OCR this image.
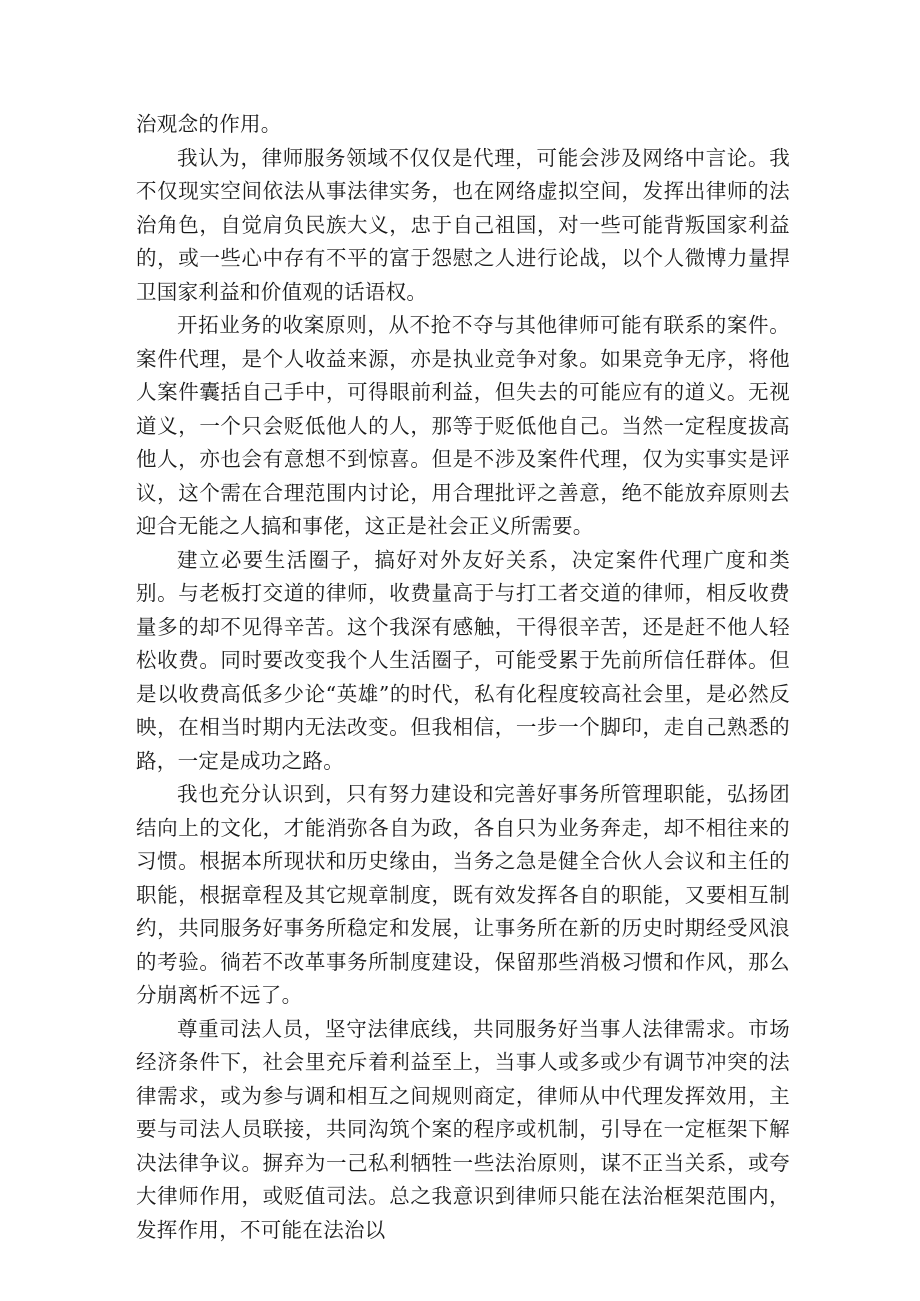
治观念的作用。

我认为，律师服务领域不仅仅是代理，可能会涉及网络中言论。我不仅现实空间依法从事法律实务，也在网络虚拟空间，发挥出律师的法治角色，自觉肩负民族大义，忠于自己祖国，对一些可能背叛国家利益的，或一些心中存有不平的富于怨慰之人进行论战，以个人微博力量捍卫国家利益和价值观的话语权。

开拓业务的收案原则，从不抢不夺与其他律师可能有联系的案件。案件代理，是个人收益来源，亦是执业竞争对象。如果竞争无序，将他人案件囊括自己手中，可得眼前利益，但失去的可能应有的道义。无视道义，一个只会贬低他人的人，那等于贬低他自己。当然一定程度拔高他人，亦也会有意想不到惊喜。但是不涉及案件代理，仅为实事实是评议，这个需在合理范围内讨论，用合理批评之善意，绝不能放弃原则去迎合无能之人搞和事佬，这正是社会正义所需要。

建立必要生活圈子，搞好对外友好关系，决定案件代理广度和类别。与老板打交道的律师，收费量高于与打工者交道的律师，相反收费量多的却不见得辛苦。这个我深有感触，干得很辛苦，还是赶不他人轻松收费。同时要改变我个人生活圈子，可能受累于先前所信任群体。但是以收费高低多少论“英雄”的时代，私有化程度较高社会里，是必然反映，在相当时期内无法改变。但我相信，一步一个脚印，走自己熟悉的路，一定是成功之路。

我也充分认识到，只有努力建设和完善好事务所管理职能，弘扬团结向上的文化，才能消弥各自为政，各自只为业务奔走，却不相往来的习惯。根据本所现状和历史缘由，当务之急是健全合伙人会议和主任的职能，根据章程及其它规章制度，既有效发挥各自的职能，又要相互制约，共同服务好事务所稳定和发展，让事务所在新的历史时期经受风浪的考验。徜若不改革事务所制度建设，保留那些消极习惯和作风，那么分崩离析不远了。

尊重司法人员，坚守法律底线，共同服务好当事人法律需求。市场经济条件下，社会里充斥着利益至上，当事人或多或少有调节冲突的法律需求，或为参与调和相互之间规则商定，律师从中代理发挥效用，主要与司法人员联接，共同沟筑个案的程序或机制，引导在一定框架下解决法律争议。摒弃为一己私利牺牲一些法治原则，谋不正当关系，或夸大律师作用，或贬值司法。总之我意识到律师只能在法治框架范围内，发挥作用，不可能在法治以
